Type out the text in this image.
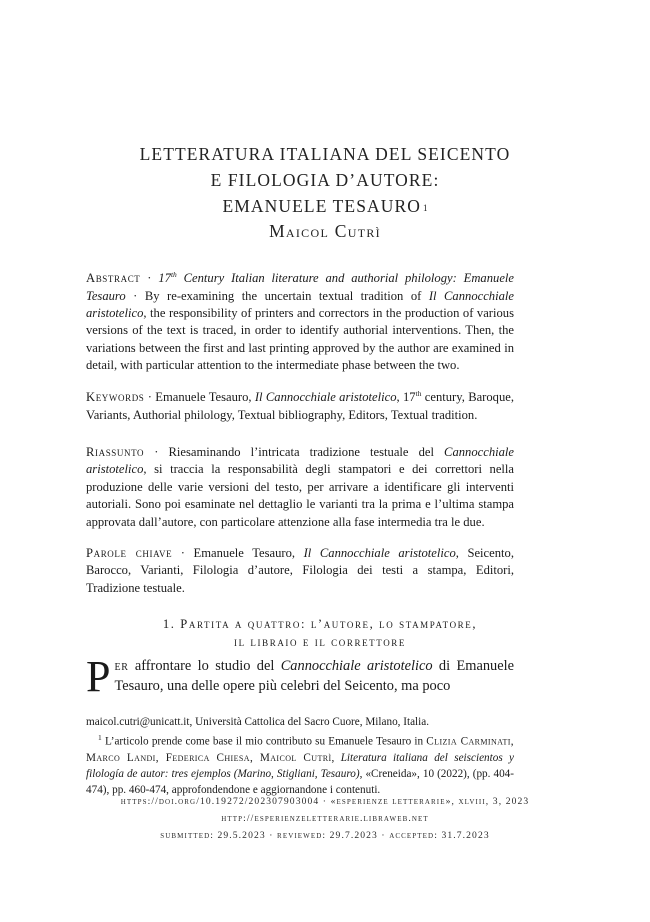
LETTERATURA ITALIANA DEL SEICENTO
E FILOLOGIA D’AUTORE:
EMANUELE TESAURO $^1$
Maicol Cutrì
Abstract · 17th Century Italian literature and authorial philology: Emanuele Tesauro · By re-examining the uncertain textual tradition of Il Cannocchiale aristotelico, the responsibility of printers and correctors in the production of various versions of the text is traced, in order to identify authorial interventions. Then, the variations between the first and last printing approved by the author are examined in detail, with particular attention to the intermediate phase between the two.
Keywords · Emanuele Tesauro, Il Cannocchiale aristotelico, 17th century, Baroque, Variants, Authorial philology, Textual bibliography, Editors, Textual tradition.
Riassunto · Riesaminando l’intricata tradizione testuale del Cannocchiale aristotelico, si traccia la responsabilità degli stampatori e dei correttori nella produzione delle varie versioni del testo, per arrivare a identificare gli interventi autoriali. Sono poi esaminate nel dettaglio le varianti tra la prima e l’ultima stampa approvata dall’autore, con particolare attenzione alla fase intermedia tra le due.
Parole chiave · Emanuele Tesauro, Il Cannocchiale aristotelico, Seicento, Barocco, Varianti, Filologia d’autore, Filologia dei testi a stampa, Editori, Tradizione testuale.
1. Partita a quattro: l’autore, lo stampatore,
il libraio e il correttore
Per affrontare lo studio del Cannocchiale aristotelico di Emanuele Tesauro, una delle opere più celebri del Seicento, ma poco
maicol.cutri@unicatt.it, Università Cattolica del Sacro Cuore, Milano, Italia.
$^1$ L’articolo prende come base il mio contributo su Emanuele Tesauro in Clizia Carminati, Marco Landi, Federica Chiesa, Maicol Cutrì, Literatura italiana del seiscientos y filología de autor: tres ejemplos (Marino, Stigliani, Tesauro), «Creneida», 10 (2022), (pp. 404-474), pp. 460-474, approfondendone e aggiornandone i contenuti.
https://doi.org/10.19272/202307903004 · «esperienze letterarie», xlviii, 3, 2023
http://esperienzeletterarie.libraweb.net
submitted: 29.5.2023 · reviewed: 29.7.2023 · accepted: 31.7.2023
